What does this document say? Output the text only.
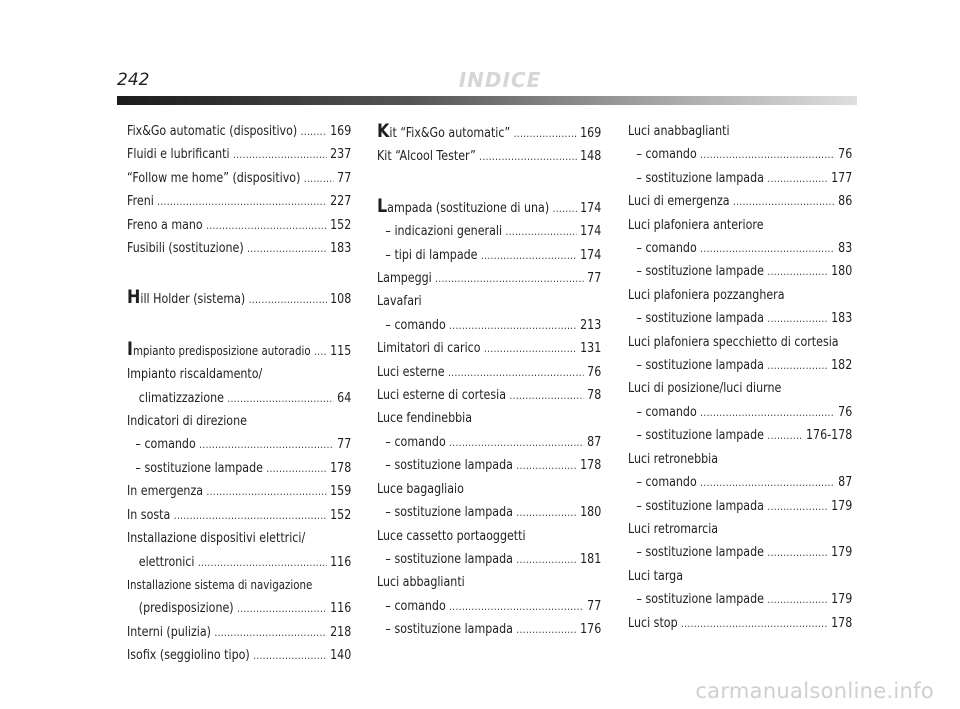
242	INDICE
Fix&Go automatic (dispositivo) . . . 169
Fluidi e lubrificanti . . .	237
“Follow me home” (dispositivo) . . .	77
Freni . . .	227
Freno a mano . . .	152
Fusibili (sostituzione) . . .	183
Hill Holder (sistema) . . .	108
Impianto predisposizione autoradio . . . 115
Impianto riscaldamento/
climatizzazione . . .	64
Indicatori di direzione
– comando . . .	77
– sostituzione lampade . . .	178
In emergenza . . .	159
In sosta . . .	152
Installazione dispositivi elettrici/
elettronici . . .	116
Installazione sistema di navigazione
(predisposizione) . . .	116
Interni (pulizia) . . .	218
Isofix (seggiolino tipo) . . .	140
Kit “Fix&Go automatic” . . .	169
Kit “Alcool Tester” . . .	148
Lampada (sostituzione di una) . . . 174
– indicazioni generali . . .	174
– tipi di lampade . . .	174
Lampeggi . . .	77
Lavafari
– comando . . .	213
Limitatori di carico . . .	131
Luci esterne . . .	76
Luci esterne di cortesia . . .	78
Luce fendinebbia
– comando . . .	87
– sostituzione lampada . . .	178
Luce bagagliaio
– sostituzione lampada . . .	180
Luce cassetto portaoggetti
– sostituzione lampada . . .	181
Luci abbaglianti
– comando . . .	77
– sostituzione lampada . . .	176
Luci anabbaglianti
– comando . . .	76
– sostituzione lampada . . .	177
Luci di emergenza . . .	86
Luci plafoniera anteriore
– comando . . .	83
– sostituzione lampade . . .	180
Luci plafoniera pozzanghera
– sostituzione lampada . . .	183
Luci plafoniera specchietto di cortesia
– sostituzione lampada . . .	182
Luci di posizione/luci diurne
– comando . . .	76
– sostituzione lampade . . .	176-178
Luci retronebbia
– comando . . .	87
– sostituzione lampada . . .	179
Luci retromarcia
– sostituzione lampade . . .	179
Luci targa
– sostituzione lampade . . .	179
Luci stop . . .	178
carmanualsonline.info
